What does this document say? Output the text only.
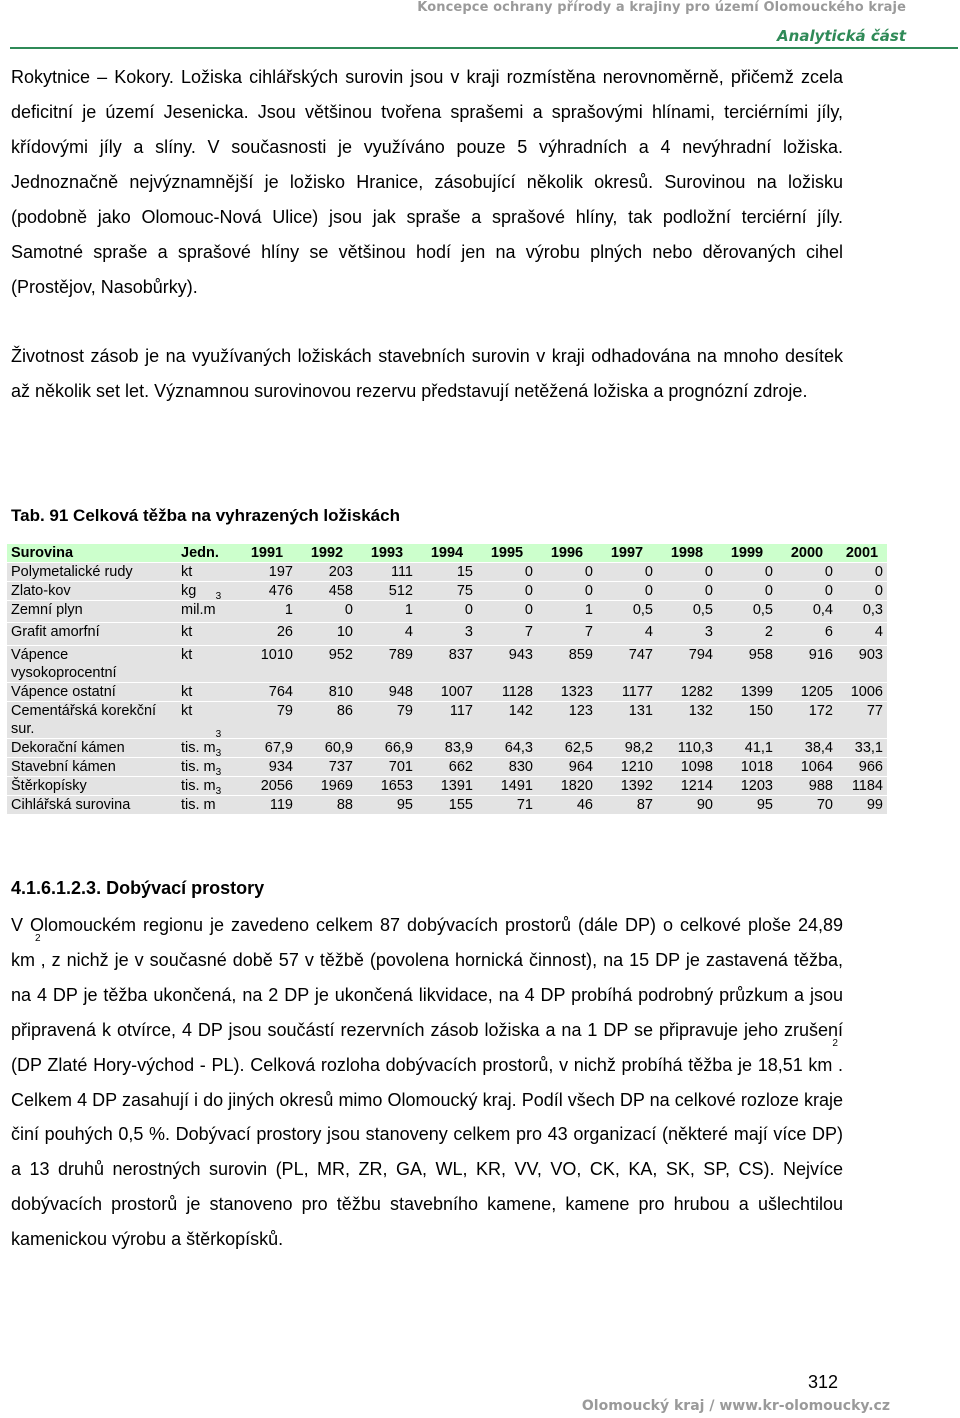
Koncepce ochrany přírody a krajiny pro území Olomouckého kraje
Analytická část

Rokytnice – Kokory. Ložiska cihlářských surovin jsou v kraji rozmístěna nerovnoměrně, přičemž zcela deficitní je území Jesenicka. Jsou většinou tvořena sprašemi a sprašovými hlínami, terciérními jíly, křídovými jíly a slíny. V současnosti je využíváno pouze 5 výhradních a 4 nevýhradní ložiska. Jednoznačně nejvýznamnější je ložisko Hranice, zásobující několik okresů. Surovinou na ložisku (podobně jako Olomouc-Nová Ulice) jsou jak spraše a sprašové hlíny, tak podložní terciérní jíly. Samotné spraše a sprašové hlíny se většinou hodí jen na výrobu plných nebo děrovaných cihel (Prostějov, Nasobůrky).

Životnost zásob je na využívaných ložiskách stavebních surovin v kraji odhadována na mnoho desítek až několik set let. Významnou surovinovou rezervu představují netěžená ložiska a prognózní zdroje.

Tab. 91 Celková těžba na vyhrazených ložiskách
Surovina	Jedn.	1991	1992	1993	1994	1995	1996	1997	1998	1999	2000	2001
Polymetalické rudy	kt	197	203	111	15	0	0	0	0	0	0	0
Zlato-kov	kg	476	458	512	75	0	0	0	0	0	0	0
Zemní plyn	$mil.m^3$	1	0	1	0	0	1	0,5	0,5	0,5	0,4	0,3
Grafit amorfní	kt	26	10	4	3	7	7	4	3	2	6	4
Vápence vysokoprocentní	kt	1010	952	789	837	943	859	747	794	958	916	903
Vápence ostatní	kt	764	810	948	1007	1128	1323	1177	1282	1399	1205	1006
Cementářská korekční sur.	kt	79	86	79	117	142	123	131	132	150	172	77
Dekorační kámen	tis. $m^3$	67,9	60,9	66,9	83,9	64,3	62,5	98,2	110,3	41,1	38,4	33,1
Stavební kámen	tis. $m^3$	934	737	701	662	830	964	1210	1098	1018	1064	966
Štěrkopísky	tis. $m^3$	2056	1969	1653	1391	1491	1820	1392	1214	1203	988	1184
Cihlářská surovina	tis. $m^3$	119	88	95	155	71	46	87	90	95	70	99
4.1.6.1.2.3. Dobývací prostory

V Olomouckém regionu je zavedeno celkem 87 dobývacích prostorů (dále DP) o celkové ploše 24,89 $km^2$, z nichž je v současné době 57 v těžbě (povolena hornická činnost), na 15 DP je zastavená těžba, na 4 DP je těžba ukončená, na 2 DP je ukončená likvidace, na 4 DP probíhá podrobný průzkum a jsou připravená k otvírce, 4 DP jsou součástí rezervních zásob ložiska a na 1 DP se připravuje jeho zrušení (DP Zlaté Hory-východ - PL). Celková rozloha dobývacích prostorů, v nichž probíhá těžba je 18,51 $km^2$. Celkem 4 DP zasahují i do jiných okresů mimo Olomoucký kraj. Podíl všech DP na celkové rozloze kraje činí pouhých 0,5 %. Dobývací prostory jsou stanoveny celkem pro 43 organizací (některé mají více DP) a 13 druhů nerostných surovin (PL, MR, ZR, GA, WL, KR, VV, VO, CK, KA, SK, SP, CS). Nejvíce dobývacích prostorů je stanoveno pro těžbu stavebního kamene, kamene pro hrubou a ušlechtilou kamenickou výrobu a štěrkopísků.

312
Olomoucký kraj / www.kr-olomoucky.cz
